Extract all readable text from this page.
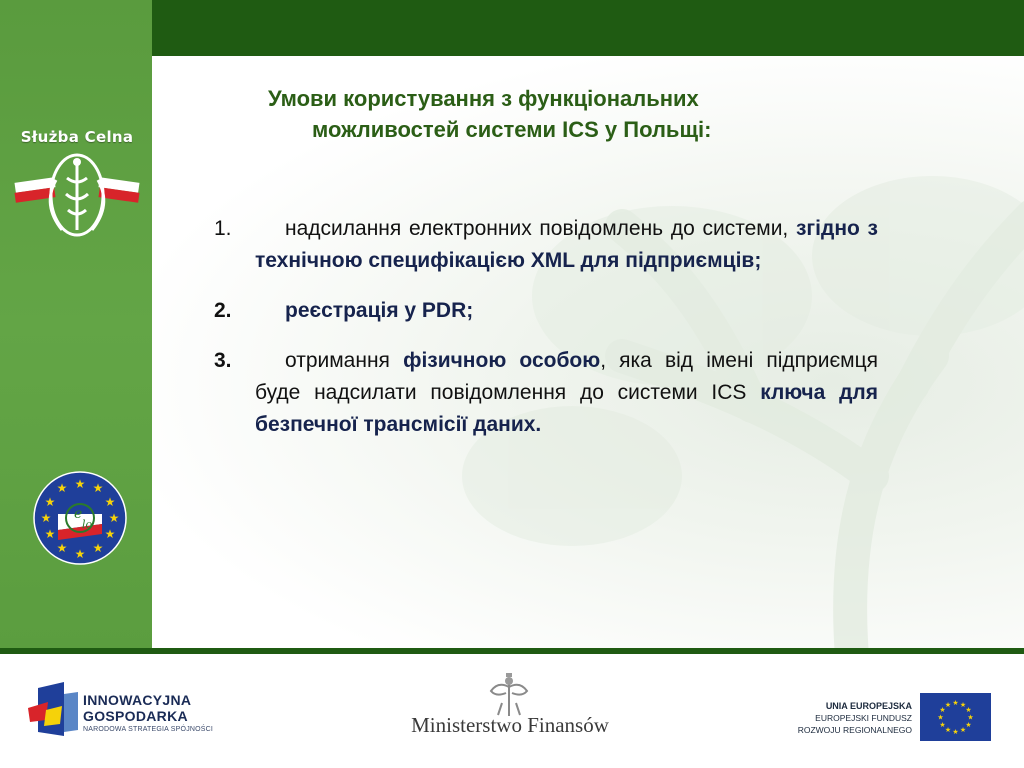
Służba Celna
★ ★
★
★
★
★
★
★
★
★
★
★
e
lo
Умови користування з функціональних
можливостей системи ICS у Польщі:
1.	надсилання електронних повідомлень до системи, згідно з технічною специфікацією XML для підприємців;
2.	реєстрація у PDR;
3.	отримання фізичною особою, яка від імені підприємця буде надсилати повідомлення до системи ICS ключа для безпечної трансмісії даних.
INNOWACYJNA
GOSPODARKA
NARODOWA STRATEGIA SPÓJNOŚCI	Ministerstwo Finansów
UNIA EUROPEJSKA
EUROPEJSKI FUNDUSZ
ROZWOJU REGIONALNEGO
★ ★
★
★
★
★
★
★
★
★
★
★
